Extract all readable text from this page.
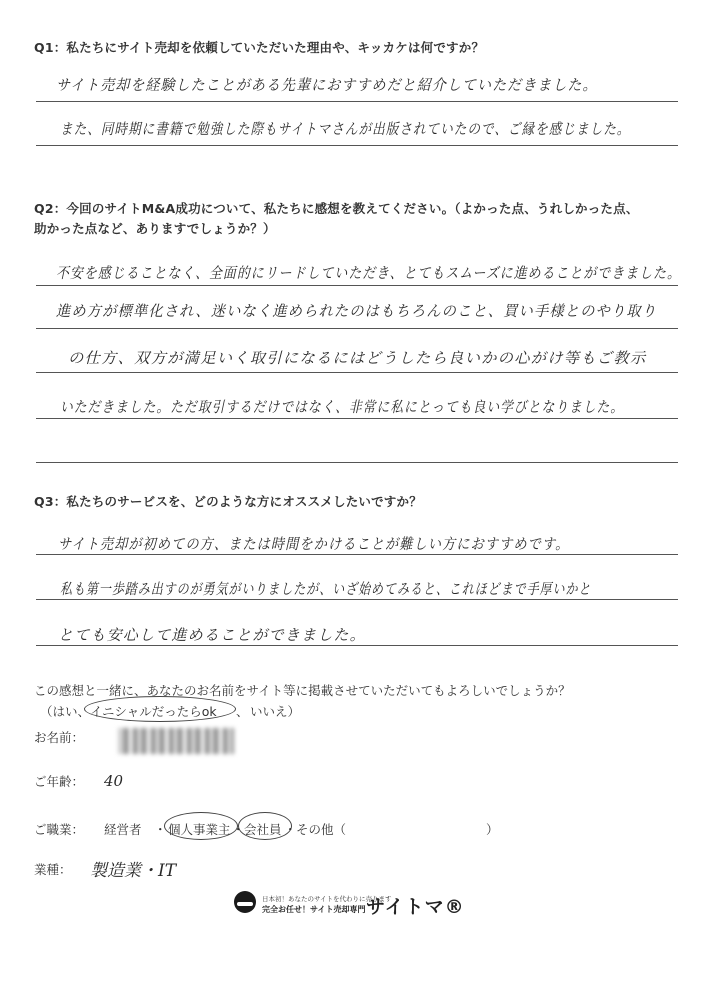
Q1：私たちにサイト売却を依頼していただいた理由や、キッカケは何ですか？
サイト売却を経験したことがある先輩におすすめだと紹介していただきました。
また、同時期に書籍で勉強した際もサイトマさんが出版されていたので、ご縁を感じました。
Q2：今回のサイトM&A成功について、私たちに感想を教えてください。（よかった点、うれしかった点、
助かった点など、ありますでしょうか？）
不安を感じることなく、全面的にリードしていただき、とてもスムーズに進めることができました。
進め方が標準化され、迷いなく進められたのはもちろんのこと、買い手様とのやり取り
の仕方、双方が満足いく取引になるにはどうしたら良いかの心がけ等もご教示
いただきました。ただ取引するだけではなく、非常に私にとっても良い学びとなりました。
Q3：私たちのサービスを、どのような方にオススメしたいですか？
サイト売却が初めての方、または時間をかけることが難しい方におすすめです。
私も第一歩踏み出すのが勇気がいりましたが、いざ始めてみると、これほどまで手厚いかと
とても安心して進めることができました。
この感想と一緒に、あなたのお名前をサイト等に掲載させていただいてもよろしいでしょうか？
（はい、 イニシャルだったらok 、 いいえ）
お名前：
ご年齢： 40
ご職業： 経営者 ・ 個人事業主 ・ 会社員 ・ その他（	）
業種： 製造業・IT
日本初！あなたのサイトを代わりに売ります
完全お任せ！サイト売却専門 サイトマ®
